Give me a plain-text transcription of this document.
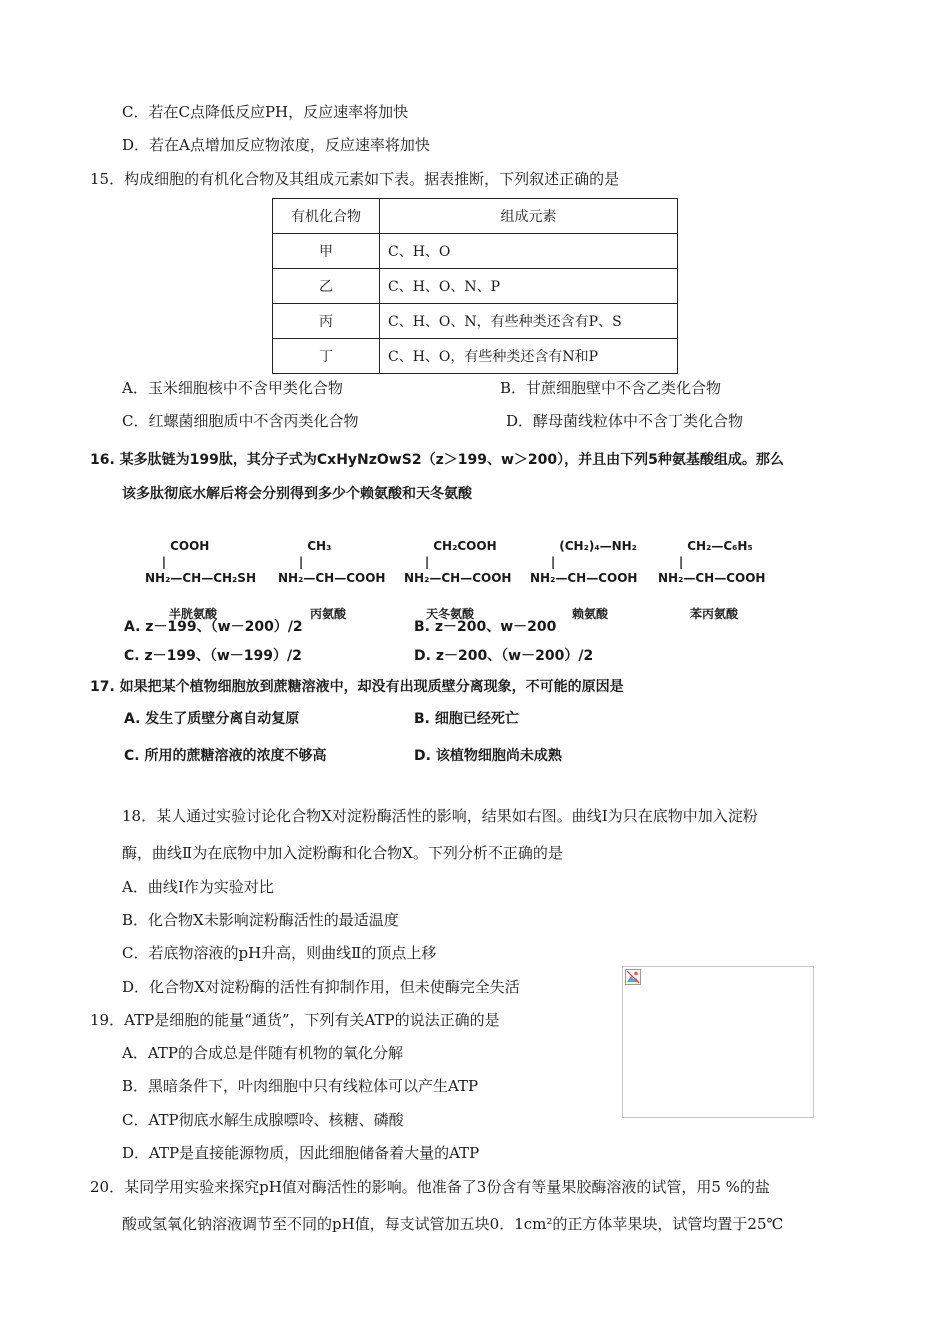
C．若在C点降低反应PH，反应速率将加快
D．若在A点增加反应物浓度，反应速率将加快
15．构成细胞的有机化合物及其组成元素如下表。据表推断，下列叙述正确的是
有机化合物	组成元素
甲	C、H、O
乙	C、H、O、N、P
丙	C、H、O、N，有些种类还含有P、S
丁	C、H、O，有些种类还含有N和P
A．玉米细胞核中不含甲类化合物	B．甘蔗细胞壁中不含乙类化合物
C．红螺菌细胞质中不含丙类化合物	D．酵母菌线粒体中不含丁类化合物
16. 某多肽链为199肽，其分子式为CxHyNzOwS2（z＞199、w＞200），并且由下列5种氨基酸组成。那么
该多肽彻底水解后将会分别得到多少个赖氨酸和天冬氨酸

COOH
|
NH₂—CH—CH₂SH

半胱氨酸

CH₃
|
NH₂—CH—COOH

丙氨酸

CH₂COOH
|
NH₂—CH—COOH

天冬氨酸

(CH₂)₄—NH₂
|
NH₂—CH—COOH

赖氨酸

CH₂—C₆H₅
|
NH₂—CH—COOH

苯丙氨酸

A. z－199、（w－200）/2	B. z－200、w－200
C. z－199、（w－199）/2	D. z－200、（w－200）/2
17. 如果把某个植物细胞放到蔗糖溶液中，却没有出现质壁分离现象，不可能的原因是
A. 发生了质壁分离自动复原	B. 细胞已经死亡
C. 所用的蔗糖溶液的浓度不够高	D. 该植物细胞尚未成熟
18．某人通过实验讨论化合物X对淀粉酶活性的影响，结果如右图。曲线Ⅰ为只在底物中加入淀粉
酶，曲线Ⅱ为在底物中加入淀粉酶和化合物X。下列分析不正确的是
A．曲线Ⅰ作为实验对比
B．化合物X未影响淀粉酶活性的最适温度
C．若底物溶液的pH升高，则曲线Ⅱ的顶点上移
D．化合物X对淀粉酶的活性有抑制作用，但未使酶完全失活
19．ATP是细胞的能量“通货”，下列有关ATP的说法正确的是
A．ATP的合成总是伴随有机物的氧化分解
B．黑暗条件下，叶肉细胞中只有线粒体可以产生ATP
C．ATP彻底水解生成腺嘌呤、核糖、磷酸
D．ATP是直接能源物质，因此细胞储备着大量的ATP
20．某同学用实验来探究pH值对酶活性的影响。他准备了3份含有等量果胶酶溶液的试管，用5 %的盐
酸或氢氧化钠溶液调节至不同的pH值，每支试管加五块0．1cm²的正方体苹果块，试管均置于25℃
